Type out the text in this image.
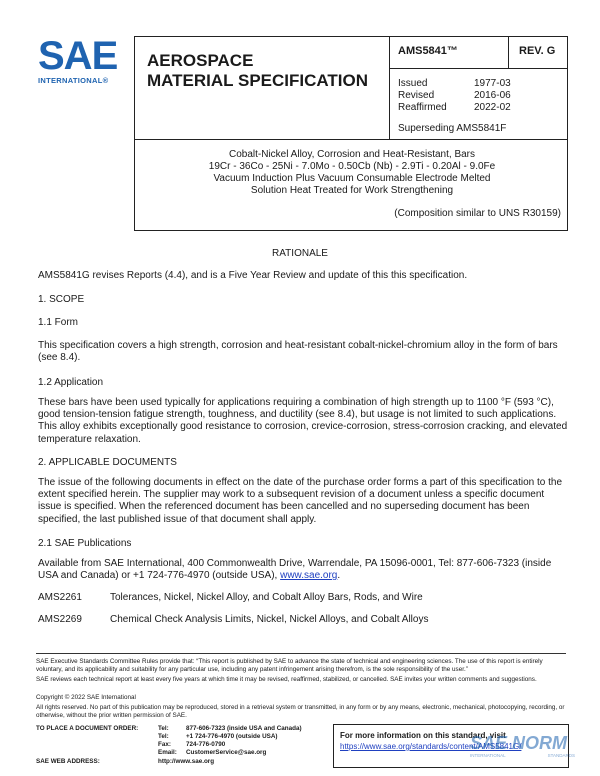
SAE
INTERNATIONAL®
AEROSPACE
MATERIAL SPECIFICATION
AMS5841™	REV. G
Issued	1977-03
Revised	2016-06
Reaffirmed	2022-02
Superseding AMS5841F
Cobalt-Nickel Alloy, Corrosion and Heat-Resistant, Bars
19Cr - 36Co - 25Ni - 7.0Mo - 0.50Cb (Nb) - 2.9Ti - 0.20Al - 9.0Fe
Vacuum Induction Plus Vacuum Consumable Electrode Melted
Solution Heat Treated for Work Strengthening
(Composition similar to UNS R30159)
RATIONALE
AMS5841G revises Reports (4.4), and is a Five Year Review and update of this this specification.
1. SCOPE
1.1 Form
This specification covers a high strength, corrosion and heat-resistant cobalt-nickel-chromium alloy in the form of bars (see 8.4).
1.2 Application
These bars have been used typically for applications requiring a combination of high strength up to 1100 °F (593 °C), good tension-tension fatigue strength, toughness, and ductility (see 8.4), but usage is not limited to such applications. This alloy exhibits exceptionally good resistance to corrosion, crevice-corrosion, stress-corrosion cracking, and elevated temperature relaxation.
2. APPLICABLE DOCUMENTS
The issue of the following documents in effect on the date of the purchase order forms a part of this specification to the extent specified herein. The supplier may work to a subsequent revision of a document unless a specific document issue is specified. When the referenced document has been cancelled and no superseding document has been specified, the last published issue of that document shall apply.
2.1 SAE Publications
Available from SAE International, 400 Commonwealth Drive, Warrendale, PA 15096-0001, Tel: 877-606-7323 (inside USA and Canada) or +1 724-776-4970 (outside USA), www.sae.org.
AMS2261	Tolerances, Nickel, Nickel Alloy, and Cobalt Alloy Bars, Rods, and Wire
AMS2269	Chemical Check Analysis Limits, Nickel, Nickel Alloys, and Cobalt Alloys
SAE Executive Standards Committee Rules provide that: “This report is published by SAE to advance the state of technical and engineering sciences. The use of this report is entirely voluntary, and its applicability and suitability for any particular use, including any patent infringement arising therefrom, is the sole responsibility of the user.”
SAE reviews each technical report at least every five years at which time it may be revised, reaffirmed, stabilized, or cancelled. SAE invites your written comments and suggestions.
Copyright © 2022 SAE International
All rights reserved. No part of this publication may be reproduced, stored in a retrieval system or transmitted, in any form or by any means, electronic, mechanical, photocopying, recording, or otherwise, without the prior written permission of SAE.
TO PLACE A DOCUMENT ORDER:	Tel:	877-606-7323 (inside USA and Canada)
Tel:	+1 724-776-4970 (outside USA)
Fax:	724-776-0790
Email:	CustomerService@sae.org
SAE WEB ADDRESS:	http://www.sae.org
For more information on this standard, visit
https://www.sae.org/standards/content/AMS5841G/
SAE NORM
INTERNATIONAL	STANDARDS
